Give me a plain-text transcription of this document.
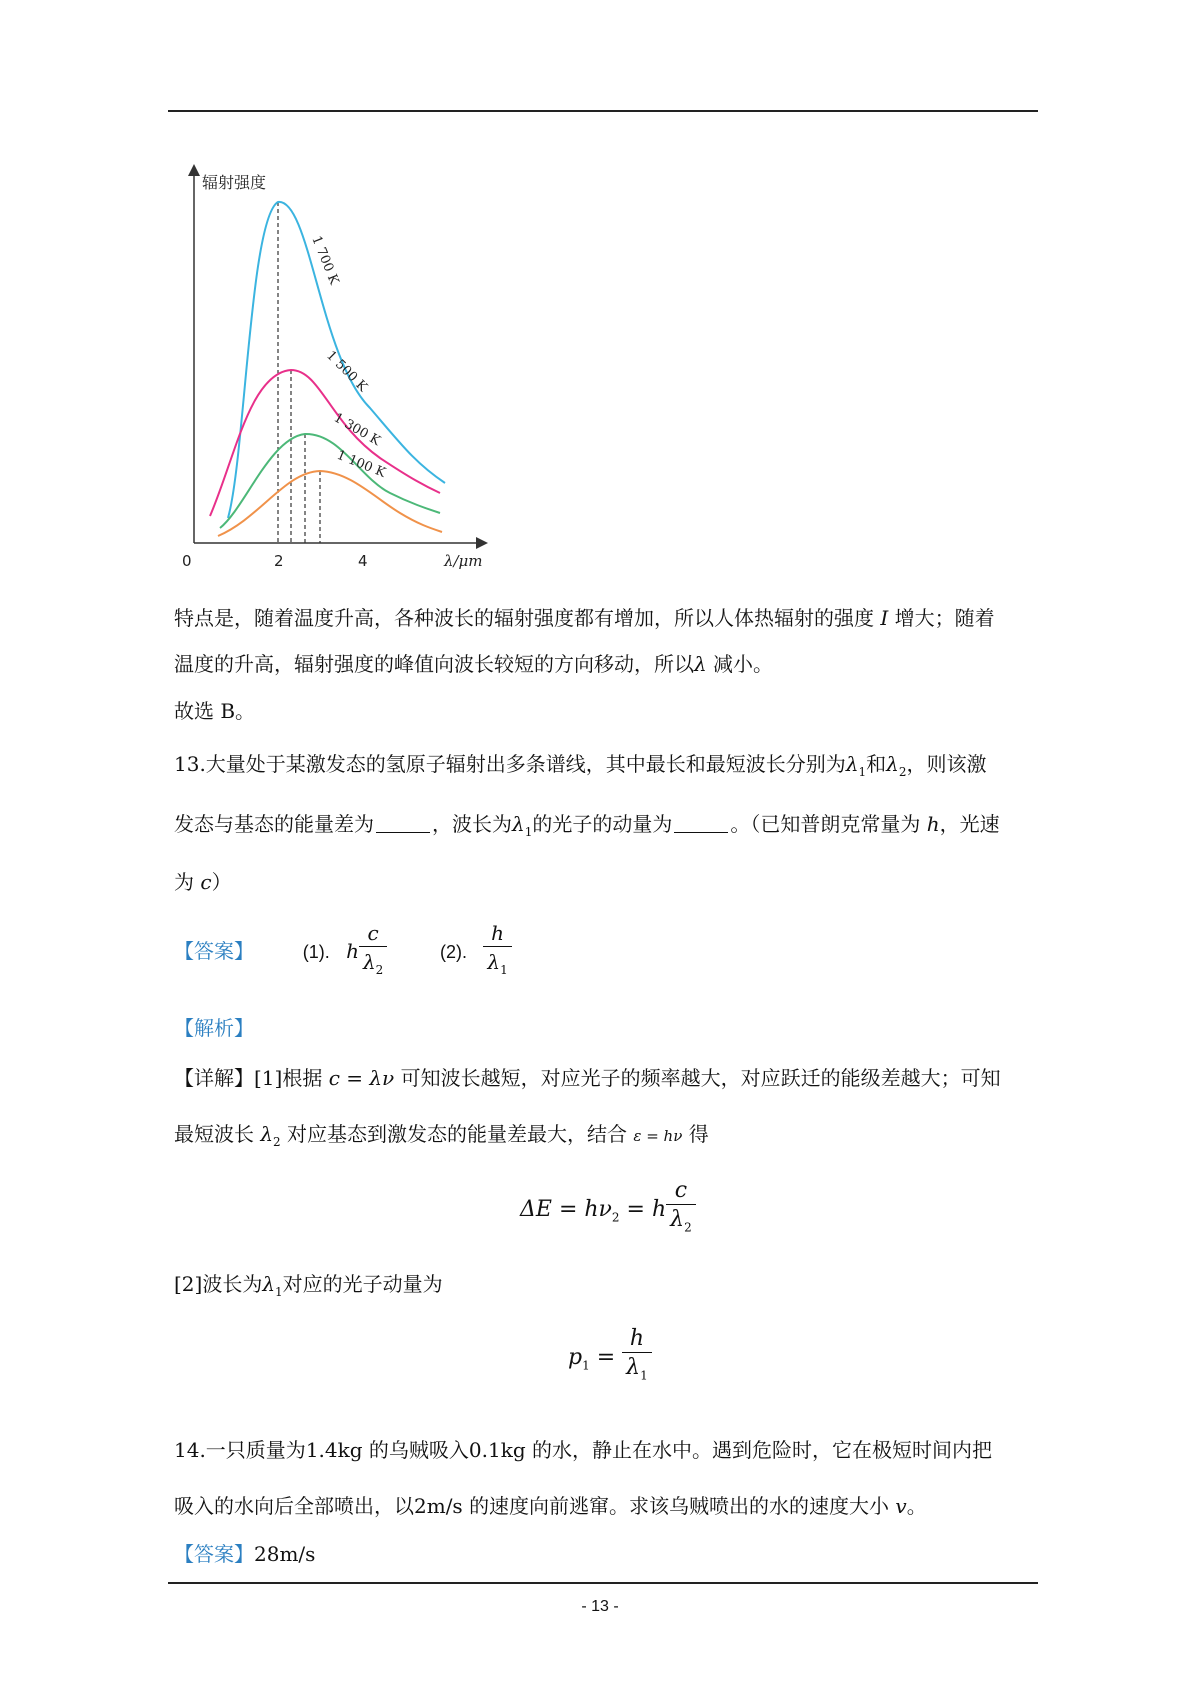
辐射强度
λ/μm
0	2	4
1 700 K
1 500 K
1 300 K
1 100 K
特点是，随着温度升高，各种波长的辐射强度都有增加，所以人体热辐射的强度 I 增大；随着
温度的升高，辐射强度的峰值向波长较短的方向移动，所以λ 减小。
故选 B。
13.大量处于某激发态的氢原子辐射出多条谱线，其中最长和最短波长分别为$\lambda_1$和$\lambda_2$，则该激
发态与基态的能量差为	，波长为$\lambda_1$的光子的动量为	。（已知普朗克常量为 h，光速
为 c）
【答案】	(1). h $\frac{c}{\lambda_2}$	(2). $\frac{h}{\lambda_1}$
【解析】
【详解】[1]根据 c = λν 可知波长越短，对应光子的频率越大，对应跃迁的能级差越大；可知
最短波长 $\lambda_2$ 对应基态到激发态的能量差最大，结合 ε = hν 得
$\Delta E = h\nu_2 = h \frac{c}{\lambda_2}$
[2]波长为$\lambda_1$对应的光子动量为
$p_1 = \frac{h}{\lambda_1}$
14.一只质量为1.4kg 的乌贼吸入0.1kg 的水，静止在水中。遇到危险时，它在极短时间内把
吸入的水向后全部喷出，以2m/s 的速度向前逃窜。求该乌贼喷出的水的速度大小 v。
【答案】28m/s
- 13 -
